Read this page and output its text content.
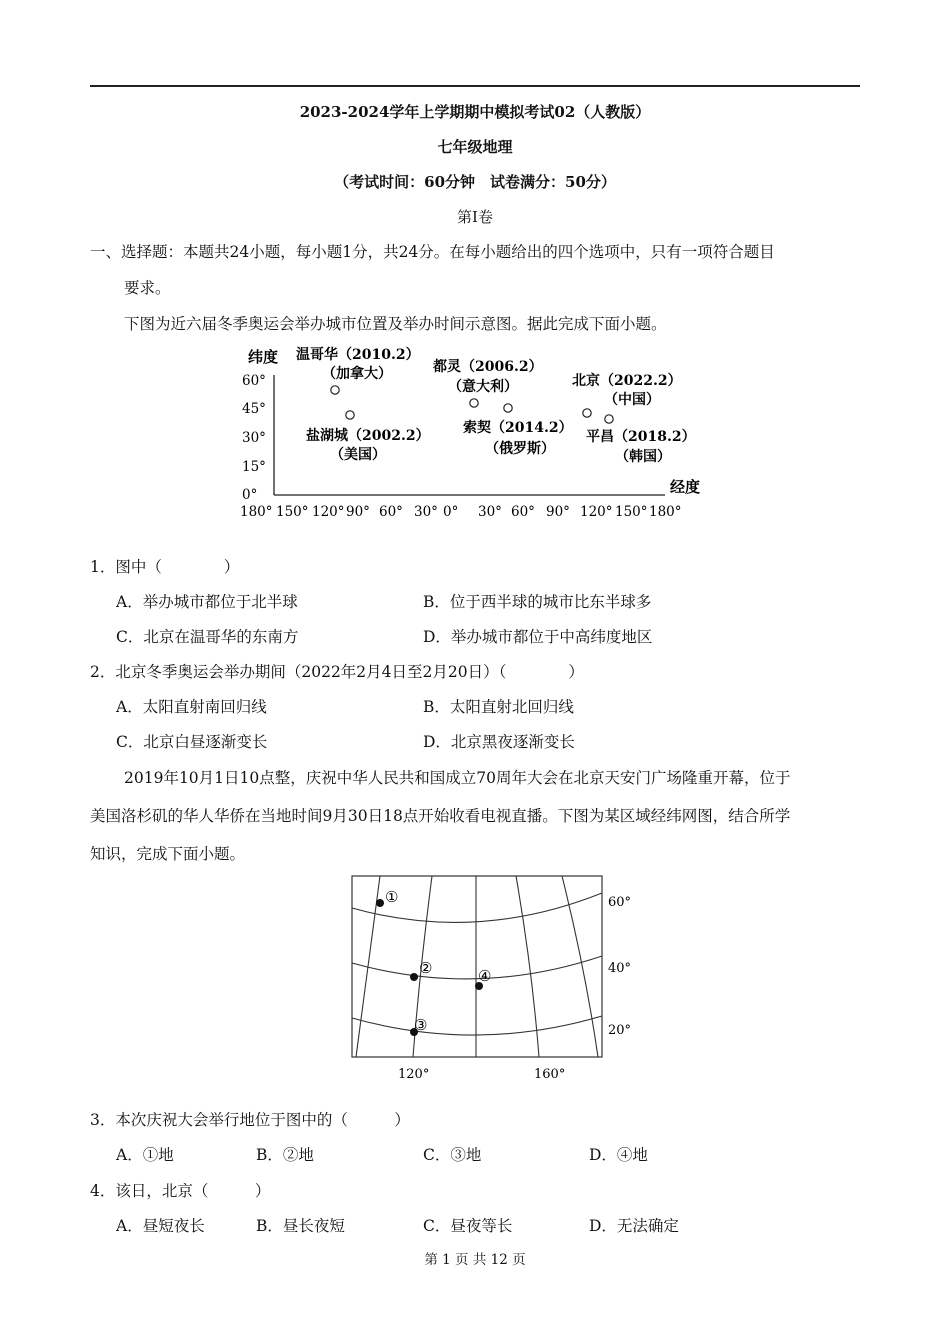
2023-2024学年上学期期中模拟考试02（人教版）
七年级地理
（考试时间：60分钟　试卷满分：50分）
第Ⅰ卷
一、选择题：本题共24小题，每小题1分，共24分。在每小题给出的四个选项中，只有一项符合题目
要求。
下图为近六届冬季奥运会举办城市位置及举办时间示意图。据此完成下面小题。
纬度
经度
60°
45°
30°
15°
0°
180° 150° 120° 90° 60° 30° 0° 30° 60° 90° 120° 150° 180°
温哥华（2010.2）
（加拿大）
盐湖城（2002.2）
（美国）
都灵（2006.2）
（意大利）
索契（2014.2）
（俄罗斯）
北京（2022.2）
（中国）
平昌（2018.2）
（韩国）
1．图中（　　　　）
A．举办城市都位于北半球	B．位于西半球的城市比东半球多
C．北京在温哥华的东南方	D．举办城市都位于中高纬度地区
2．北京冬季奥运会举办期间（2022年2月4日至2月20日）（　　　　）
A．太阳直射南回归线	B．太阳直射北回归线
C．北京白昼逐渐变长	D．北京黑夜逐渐变长
2019年10月1日10点整，庆祝中华人民共和国成立70周年大会在北京天安门广场隆重开幕，位于
美国洛杉矶的华人华侨在当地时间9月30日18点开始收看电视直播。下图为某区域经纬网图，结合所学
知识，完成下面小题。
①
②
③
④
60°
40°
20°
120°	160°
3．本次庆祝大会举行地位于图中的（　　　）
A．①地	B．②地	C．③地	D．④地
4．该日，北京（　　　）
A．昼短夜长	B．昼长夜短	C．昼夜等长	D．无法确定
第 1 页 共 12 页
